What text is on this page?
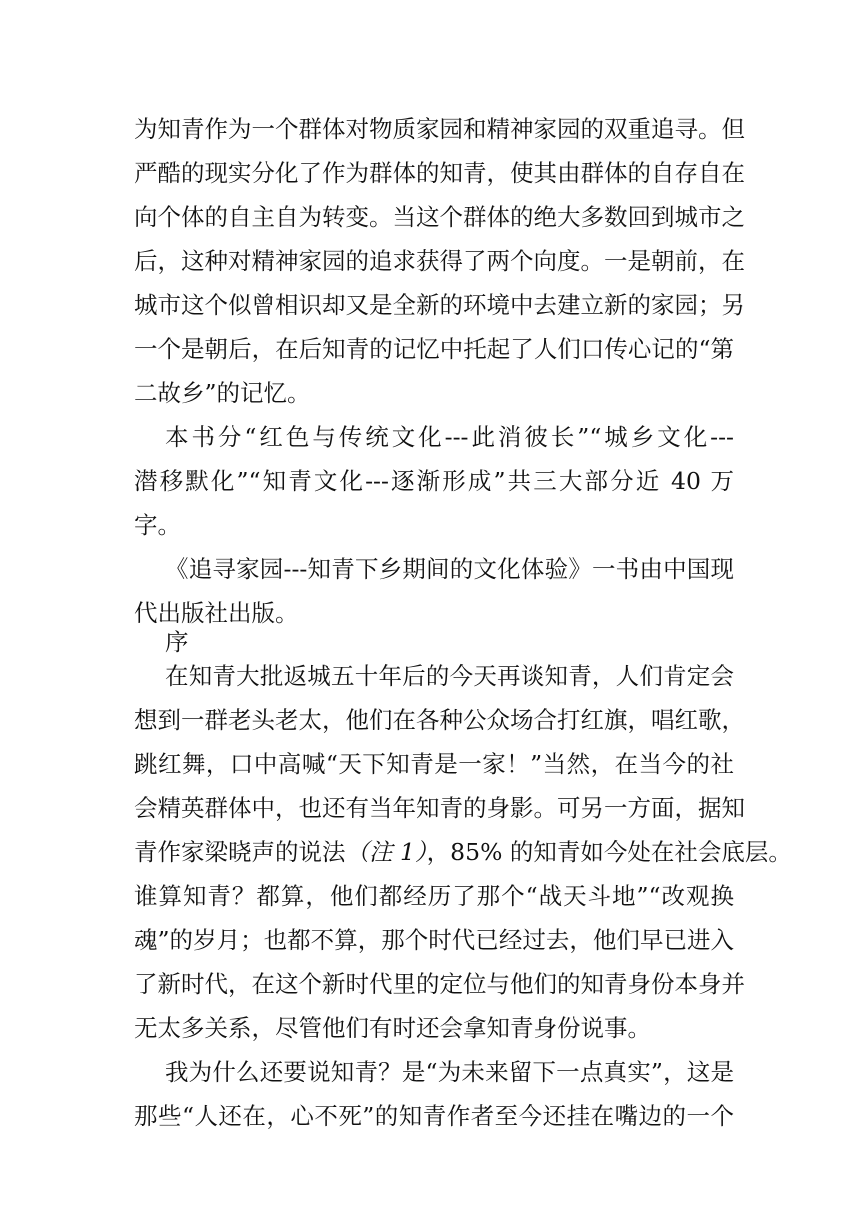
为知青作为一个群体对物质家园和精神家园的双重追寻。但
严酷的现实分化了作为群体的知青，使其由群体的自存自在
向个体的自主自为转变。当这个群体的绝大多数回到城市之
后，这种对精神家园的追求获得了两个向度。一是朝前，在
城市这个似曾相识却又是全新的环境中去建立新的家园；另
一个是朝后，在后知青的记忆中托起了人们口传心记的“第
二故乡”的记忆。
本书分“红色与传统文化---此消彼长”“城乡文化---
潜移默化”“知青文化---逐渐形成”共三大部分近 40 万
字。
《追寻家园---知青下乡期间的文化体验》一书由中国现
代出版社出版。
序
在知青大批返城五十年后的今天再谈知青，人们肯定会
想到一群老头老太，他们在各种公众场合打红旗，唱红歌，
跳红舞，口中高喊“天下知青是一家！”当然，在当今的社
会精英群体中，也还有当年知青的身影。可另一方面，据知
青作家梁晓声的说法（注 1），85% 的知青如今处在社会底层。
谁算知青？都算，他们都经历了那个“战天斗地”“改观换
魂”的岁月；也都不算，那个时代已经过去，他们早已进入
了新时代，在这个新时代里的定位与他们的知青身份本身并
无太多关系，尽管他们有时还会拿知青身份说事。
我为什么还要说知青？是“为未来留下一点真实”，这是
那些“人还在，心不死”的知青作者至今还挂在嘴边的一个
